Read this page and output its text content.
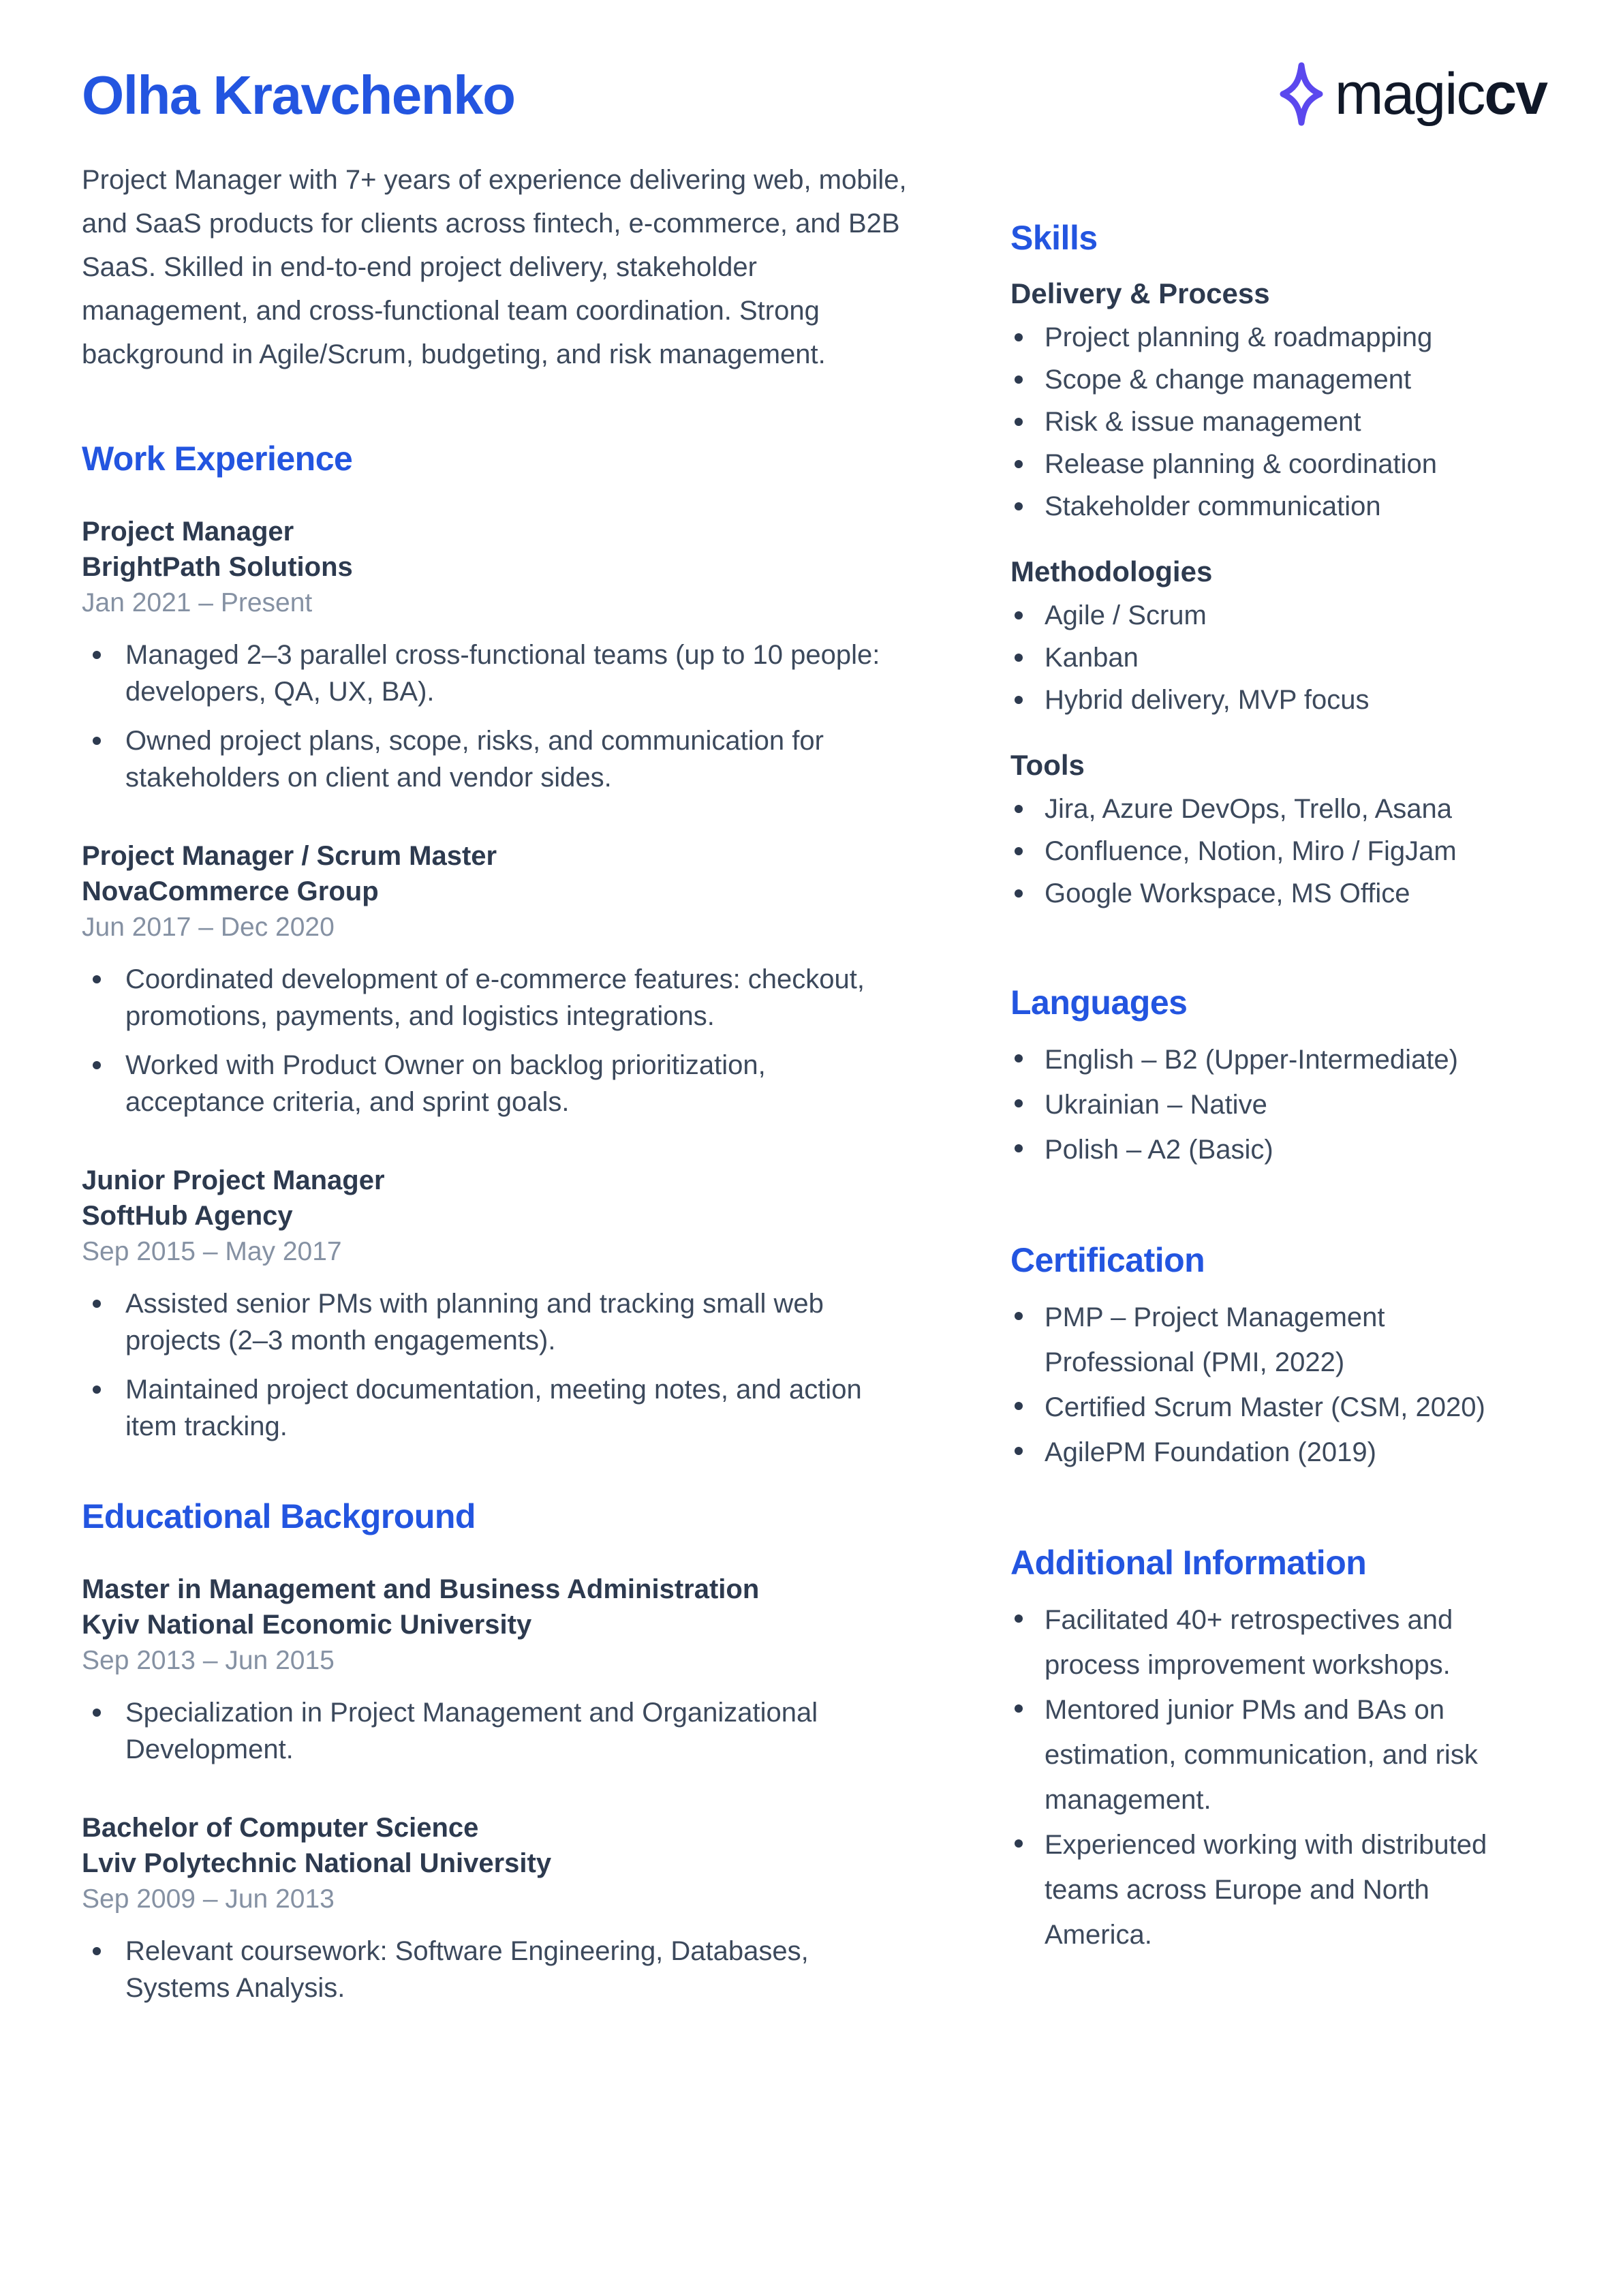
Olha Kravchenko	magiccv
Project Manager with 7+ years of experience delivering web, mobile, and SaaS products for clients across fintech, e-commerce, and B2B SaaS. Skilled in end-to-end project delivery, stakeholder management, and cross-functional team coordination. Strong background in Agile/Scrum, budgeting, and risk management.
Work Experience
Project Manager
BrightPath Solutions
Jan 2021 – Present
Managed 2–3 parallel cross-functional teams (up to 10 people: developers, QA, UX, BA).
Owned project plans, scope, risks, and communication for stakeholders on client and vendor sides.
Project Manager / Scrum Master
NovaCommerce Group
Jun 2017 – Dec 2020
Coordinated development of e-commerce features: checkout, promotions, payments, and logistics integrations.
Worked with Product Owner on backlog prioritization, acceptance criteria, and sprint goals.
Junior Project Manager
SoftHub Agency
Sep 2015 – May 2017
Assisted senior PMs with planning and tracking small web projects (2–3 month engagements).
Maintained project documentation, meeting notes, and action item tracking.
Educational Background
Master in Management and Business Administration
Kyiv National Economic University
Sep 2013 – Jun 2015
Specialization in Project Management and Organizational Development.
Bachelor of Computer Science
Lviv Polytechnic National University
Sep 2009 – Jun 2013
Relevant coursework: Software Engineering, Databases, Systems Analysis.
Skills
Delivery & Process
Project planning & roadmapping
Scope & change management
Risk & issue management
Release planning & coordination
Stakeholder communication
Methodologies
Agile / Scrum
Kanban
Hybrid delivery, MVP focus
Tools
Jira, Azure DevOps, Trello, Asana
Confluence, Notion, Miro / FigJam
Google Workspace, MS Office
Languages
English – B2 (Upper-Intermediate)
Ukrainian – Native
Polish – A2 (Basic)
Certification
PMP – Project Management Professional (PMI, 2022)
Certified Scrum Master (CSM, 2020)
AgilePM Foundation (2019)
Additional Information
Facilitated 40+ retrospectives and process improvement workshops.
Mentored junior PMs and BAs on estimation, communication, and risk management.
Experienced working with distributed teams across Europe and North America.
